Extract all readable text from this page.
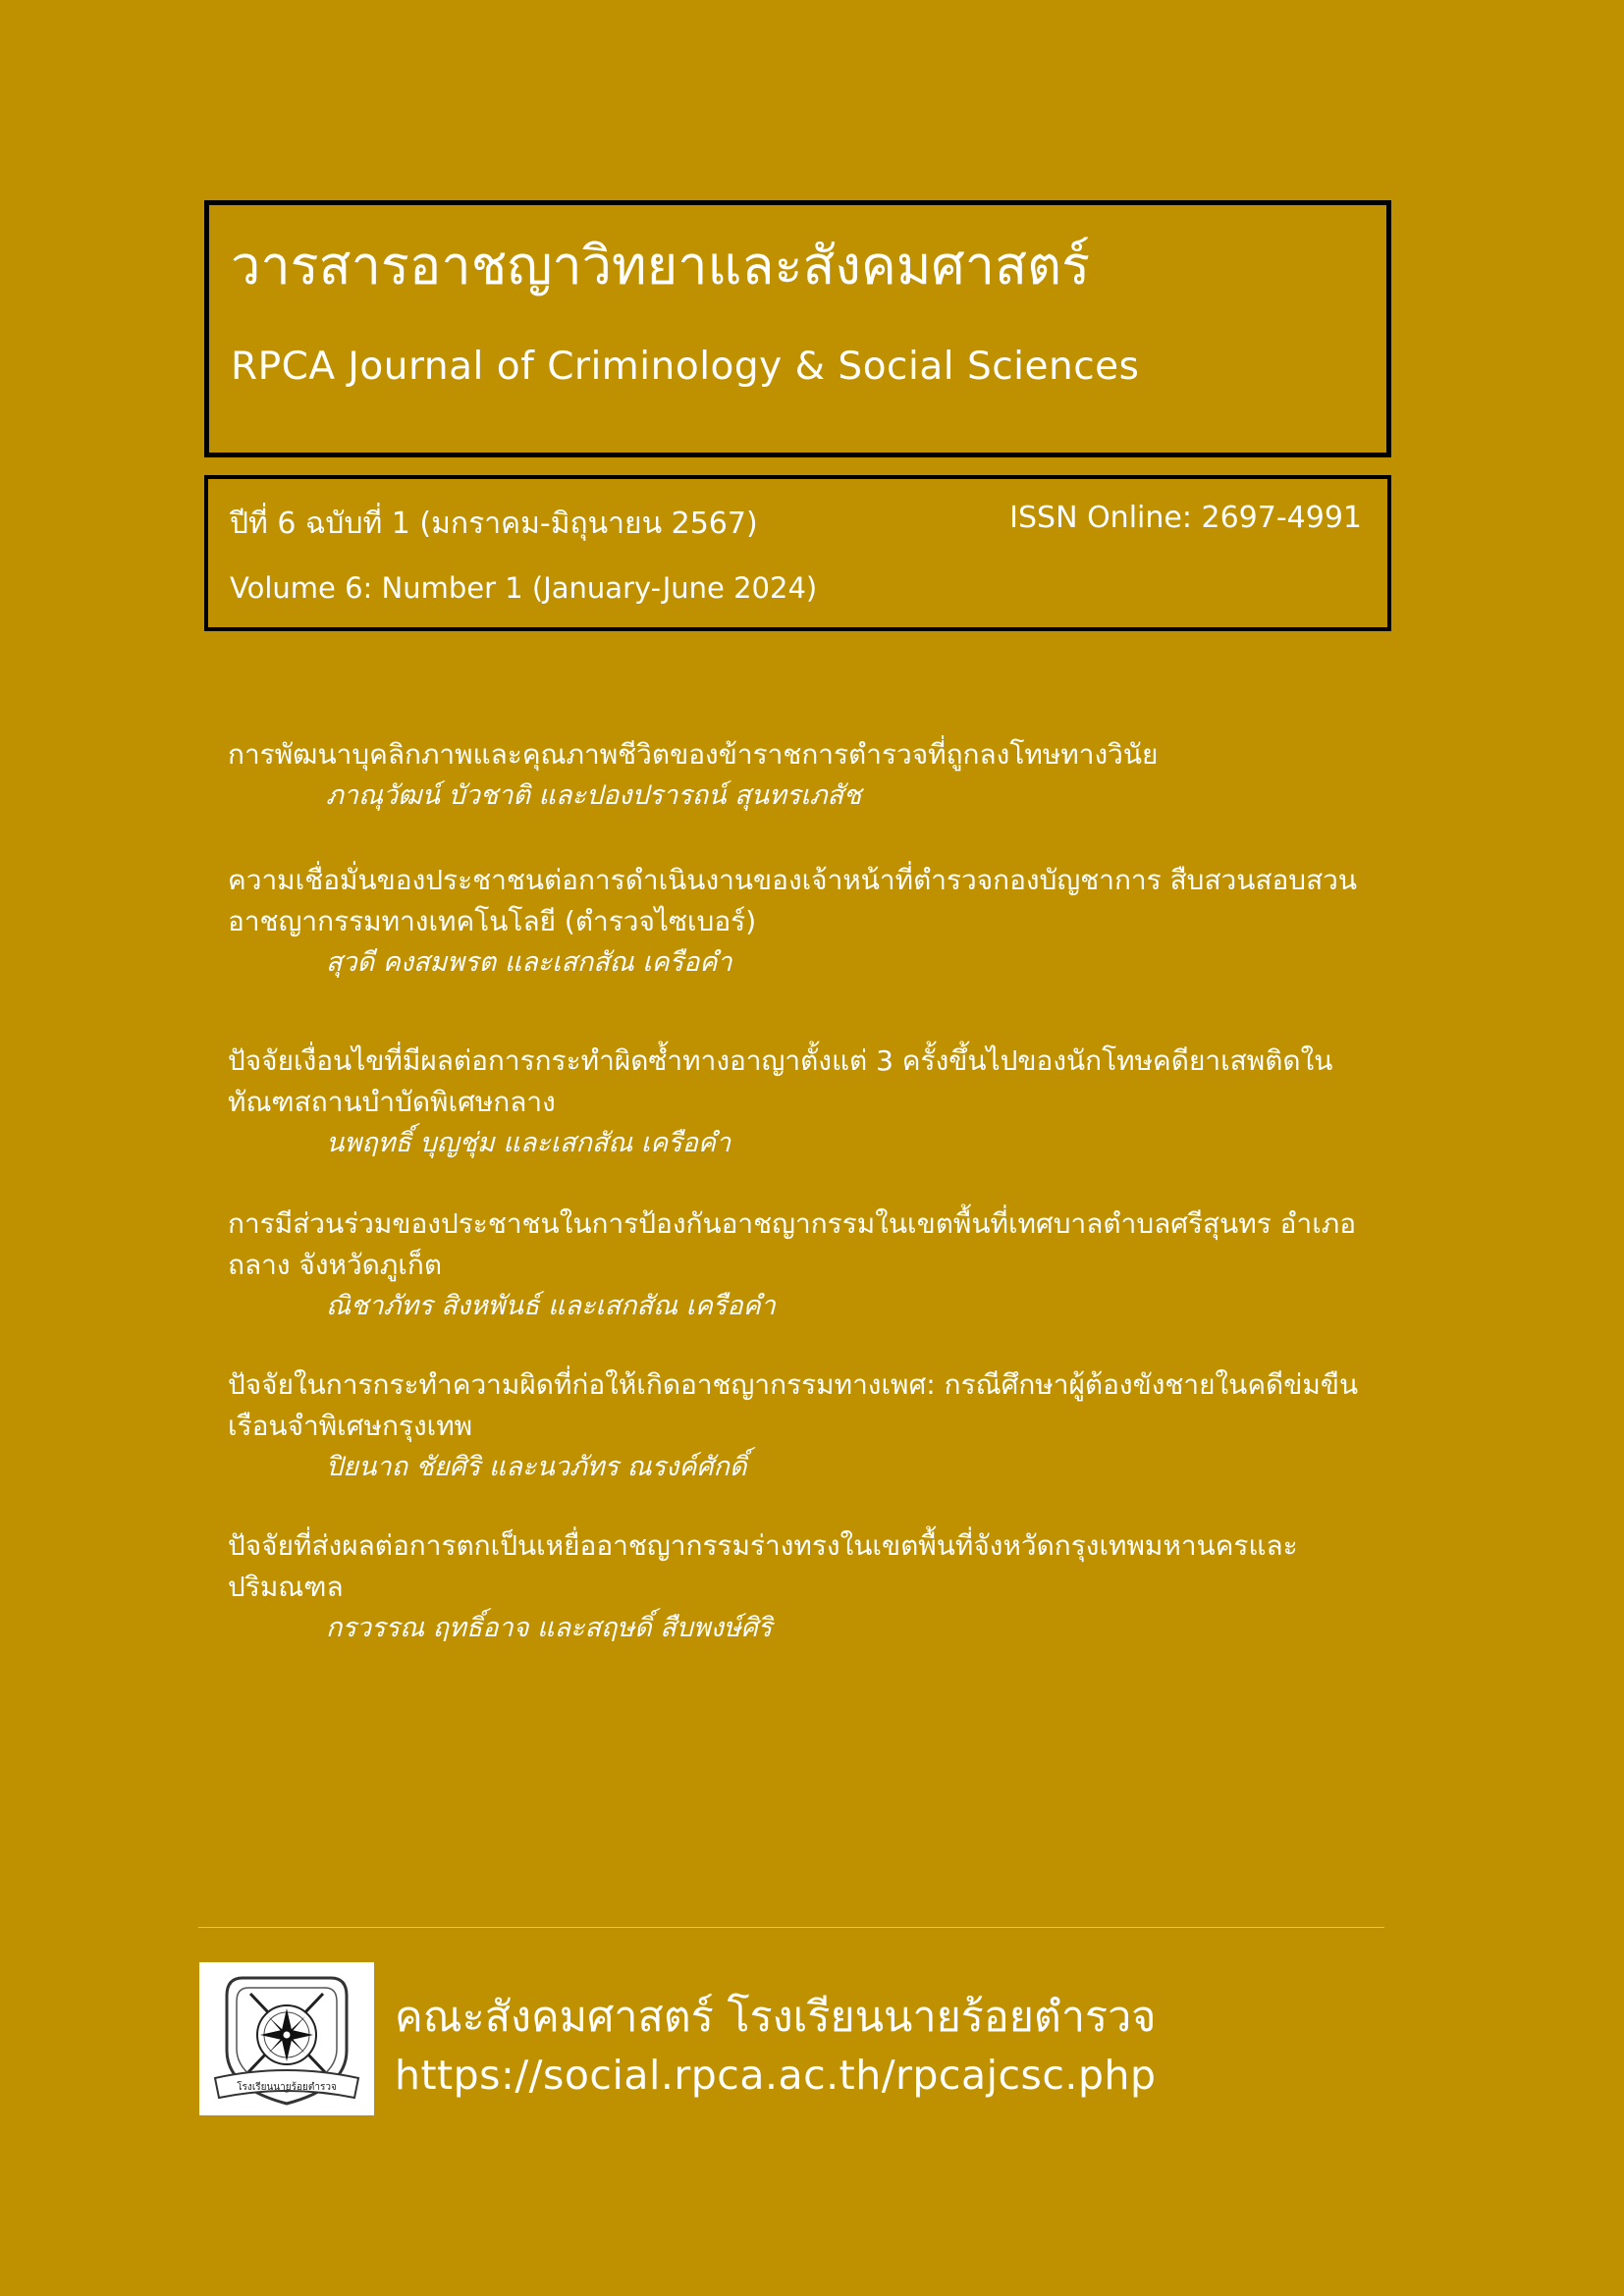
วารสารอาชญาวิทยาและสังคมศาสตร์
RPCA Journal of Criminology & Social Sciences
ปีที่ 6 ฉบับที่ 1 (มกราคม-มิถุนายน 2567)	ISSN Online: 2697-4991
Volume 6: Number 1 (January-June 2024)
การพัฒนาบุคลิกภาพและคุณภาพชีวิตของข้าราชการตำรวจที่ถูกลงโทษทางวินัย
ภาณุวัฒน์ บัวชาติ และปองปรารถน์ สุนทรเภสัช
ความเชื่อมั่นของประชาชนต่อการดำเนินงานของเจ้าหน้าที่ตำรวจกองบัญชาการ สืบสวนสอบสวนอาชญากรรมทางเทคโนโลยี (ตำรวจไซเบอร์)
สุวดี คงสมพรต และเสกสัณ เครือคำ
ปัจจัยเงื่อนไขที่มีผลต่อการกระทำผิดซ้ำทางอาญาตั้งแต่ 3 ครั้งขึ้นไปของนักโทษคดียาเสพติดในทัณฑสถานบำบัดพิเศษกลาง
นพฤทธิ์ บุญชุ่ม และเสกสัณ เครือคำ
การมีส่วนร่วมของประชาชนในการป้องกันอาชญากรรมในเขตพื้นที่เทศบาลตำบลศรีสุนทร อำเภอถลาง จังหวัดภูเก็ต
ณิชาภัทร สิงหพันธ์ และเสกสัณ เครือคำ
ปัจจัยในการกระทำความผิดที่ก่อให้เกิดอาชญากรรมทางเพศ: กรณีศึกษาผู้ต้องขังชายในคดีข่มขืน เรือนจำพิเศษกรุงเทพ
ปิยนาถ ชัยศิริ และนวภัทร ณรงค์ศักดิ์
ปัจจัยที่ส่งผลต่อการตกเป็นเหยื่ออาชญากรรมร่างทรงในเขตพื้นที่จังหวัดกรุงเทพมหานครและปริมณฑล
กรวรรณ ฤทธิ์อาจ และสฤษดิ์ สืบพงษ์ศิริ
โรงเรียนนายร้อยตำรวจ
คณะสังคมศาสตร์ โรงเรียนนายร้อยตำรวจ
https://social.rpca.ac.th/rpcajcsc.php
